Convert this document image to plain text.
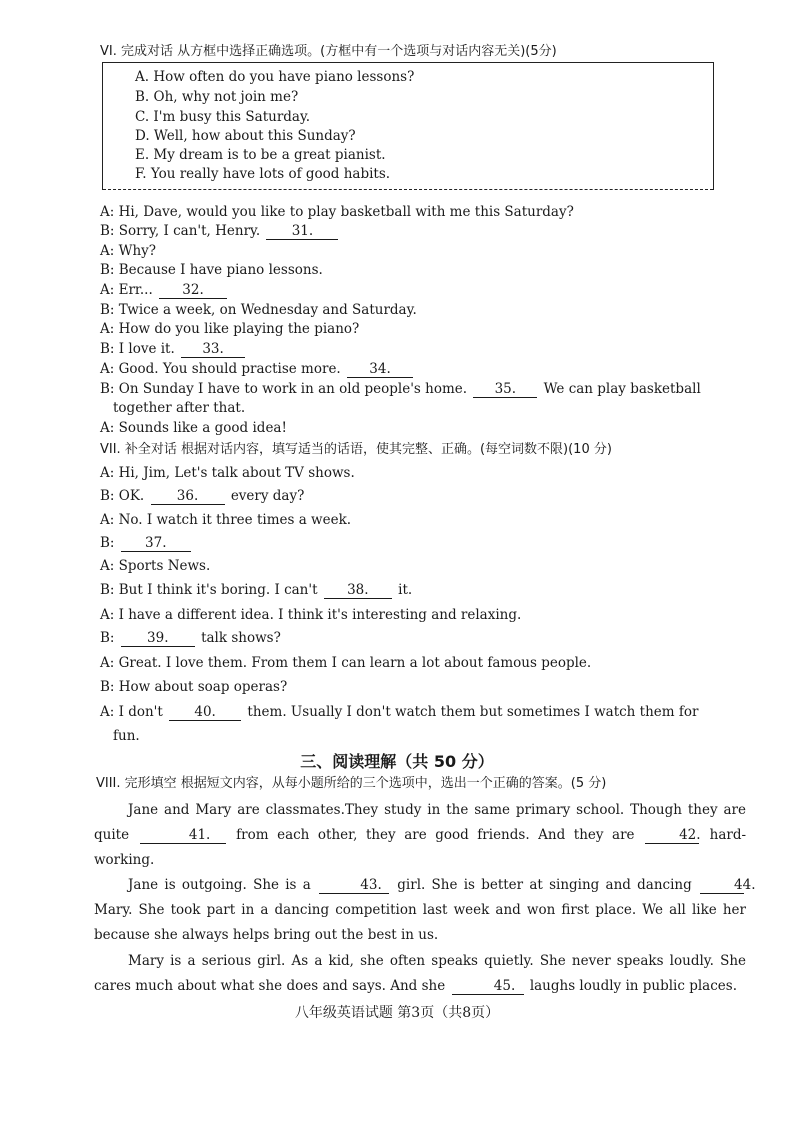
VI. 完成对话 从方框中选择正确选项。(方框中有一个选项与对话内容无关)(5分)
A. How often do you have piano lessons?
B. Oh, why not join me?
C. I'm busy this Saturday.
D. Well, how about this Sunday?
E. My dream is to be a great pianist.
F. You really have lots of good habits.
A: Hi, Dave, would you like to play basketball with me this Saturday?
B: Sorry, I can't, Henry. 31.
A: Why?
B: Because I have piano lessons.
A: Err... 32.
B: Twice a week, on Wednesday and Saturday.
A: How do you like playing the piano?
B: I love it. 33.
A: Good. You should practise more. 34.
B: On Sunday I have to work in an old people's home. 35. We can play basketball
together after that.
A: Sounds like a good idea!
VII. 补全对话 根据对话内容，填写适当的话语，使其完整、正确。(每空词数不限)(10 分)
A: Hi, Jim, Let's talk about TV shows.
B: OK. 36. every day?
A: No. I watch it three times a week.
B: 37.
A: Sports News.
B: But I think it's boring. I can't 38. it.
A: I have a different idea. I think it's interesting and relaxing.
B: 39. talk shows?
A: Great. I love them. From them I can learn a lot about famous people.
B: How about soap operas?
A: I don't 40. them. Usually I don't watch them but sometimes I watch them for
fun.
三、阅读理解（共 50 分）
VIII. 完形填空 根据短文内容，从每小题所给的三个选项中，选出一个正确的答案。(5 分)
Jane and Mary are classmates.They study in the same primary school. Though they are quite	41. from each other, they are good friends. And they are	42. hard-working.
Jane is outgoing. She is a	43. girl. She is better at singing and dancing	44. Mary. She took part in a dancing competition last week and won first place. We all like her because she always helps bring out the best in us.
Mary is a serious girl. As a kid, she often speaks quietly. She never speaks loudly. She cares much about what she does and says. And she	45. laughs loudly in public places.
八年级英语试题 第3页（共8页）
